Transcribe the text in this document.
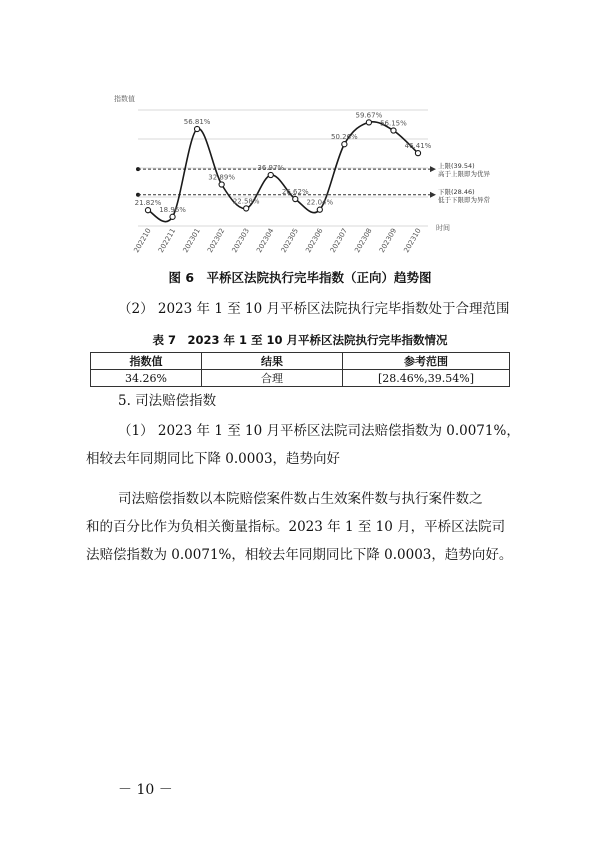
指数值
时间
上限(39.54)
高于上限即为优异
下限(28.46)
低于下限即为异常
21.82%
18.96%
56.81%
32.89%
22.58%
36.97%
26.62%
22.04%
50.26%
59.67%
56.15%
46.41%
202210 202211 202301 202302 202303 202304 202305 202306 202307 202308 202309 202310
图 6　平桥区法院执行完毕指数（正向）趋势图
（2） 2023 年 1 至 10 月平桥区法院执行完毕指数处于合理范围
表 7　2023 年 1 至 10 月平桥区法院执行完毕指数情况
指数值	结果	参考范围
34.26%	合理	[28.46%,39.54%]
5. 司法赔偿指数
（1） 2023 年 1 至 10 月平桥区法院司法赔偿指数为 0.0071%，
相较去年同期同比下降 0.0003，趋势向好
司法赔偿指数以本院赔偿案件数占生效案件数与执行案件数之
和的百分比作为负相关衡量指标。2023 年 1 至 10 月，平桥区法院司
法赔偿指数为 0.0071%，相较去年同期同比下降 0.0003，趋势向好。
－ 10 －
